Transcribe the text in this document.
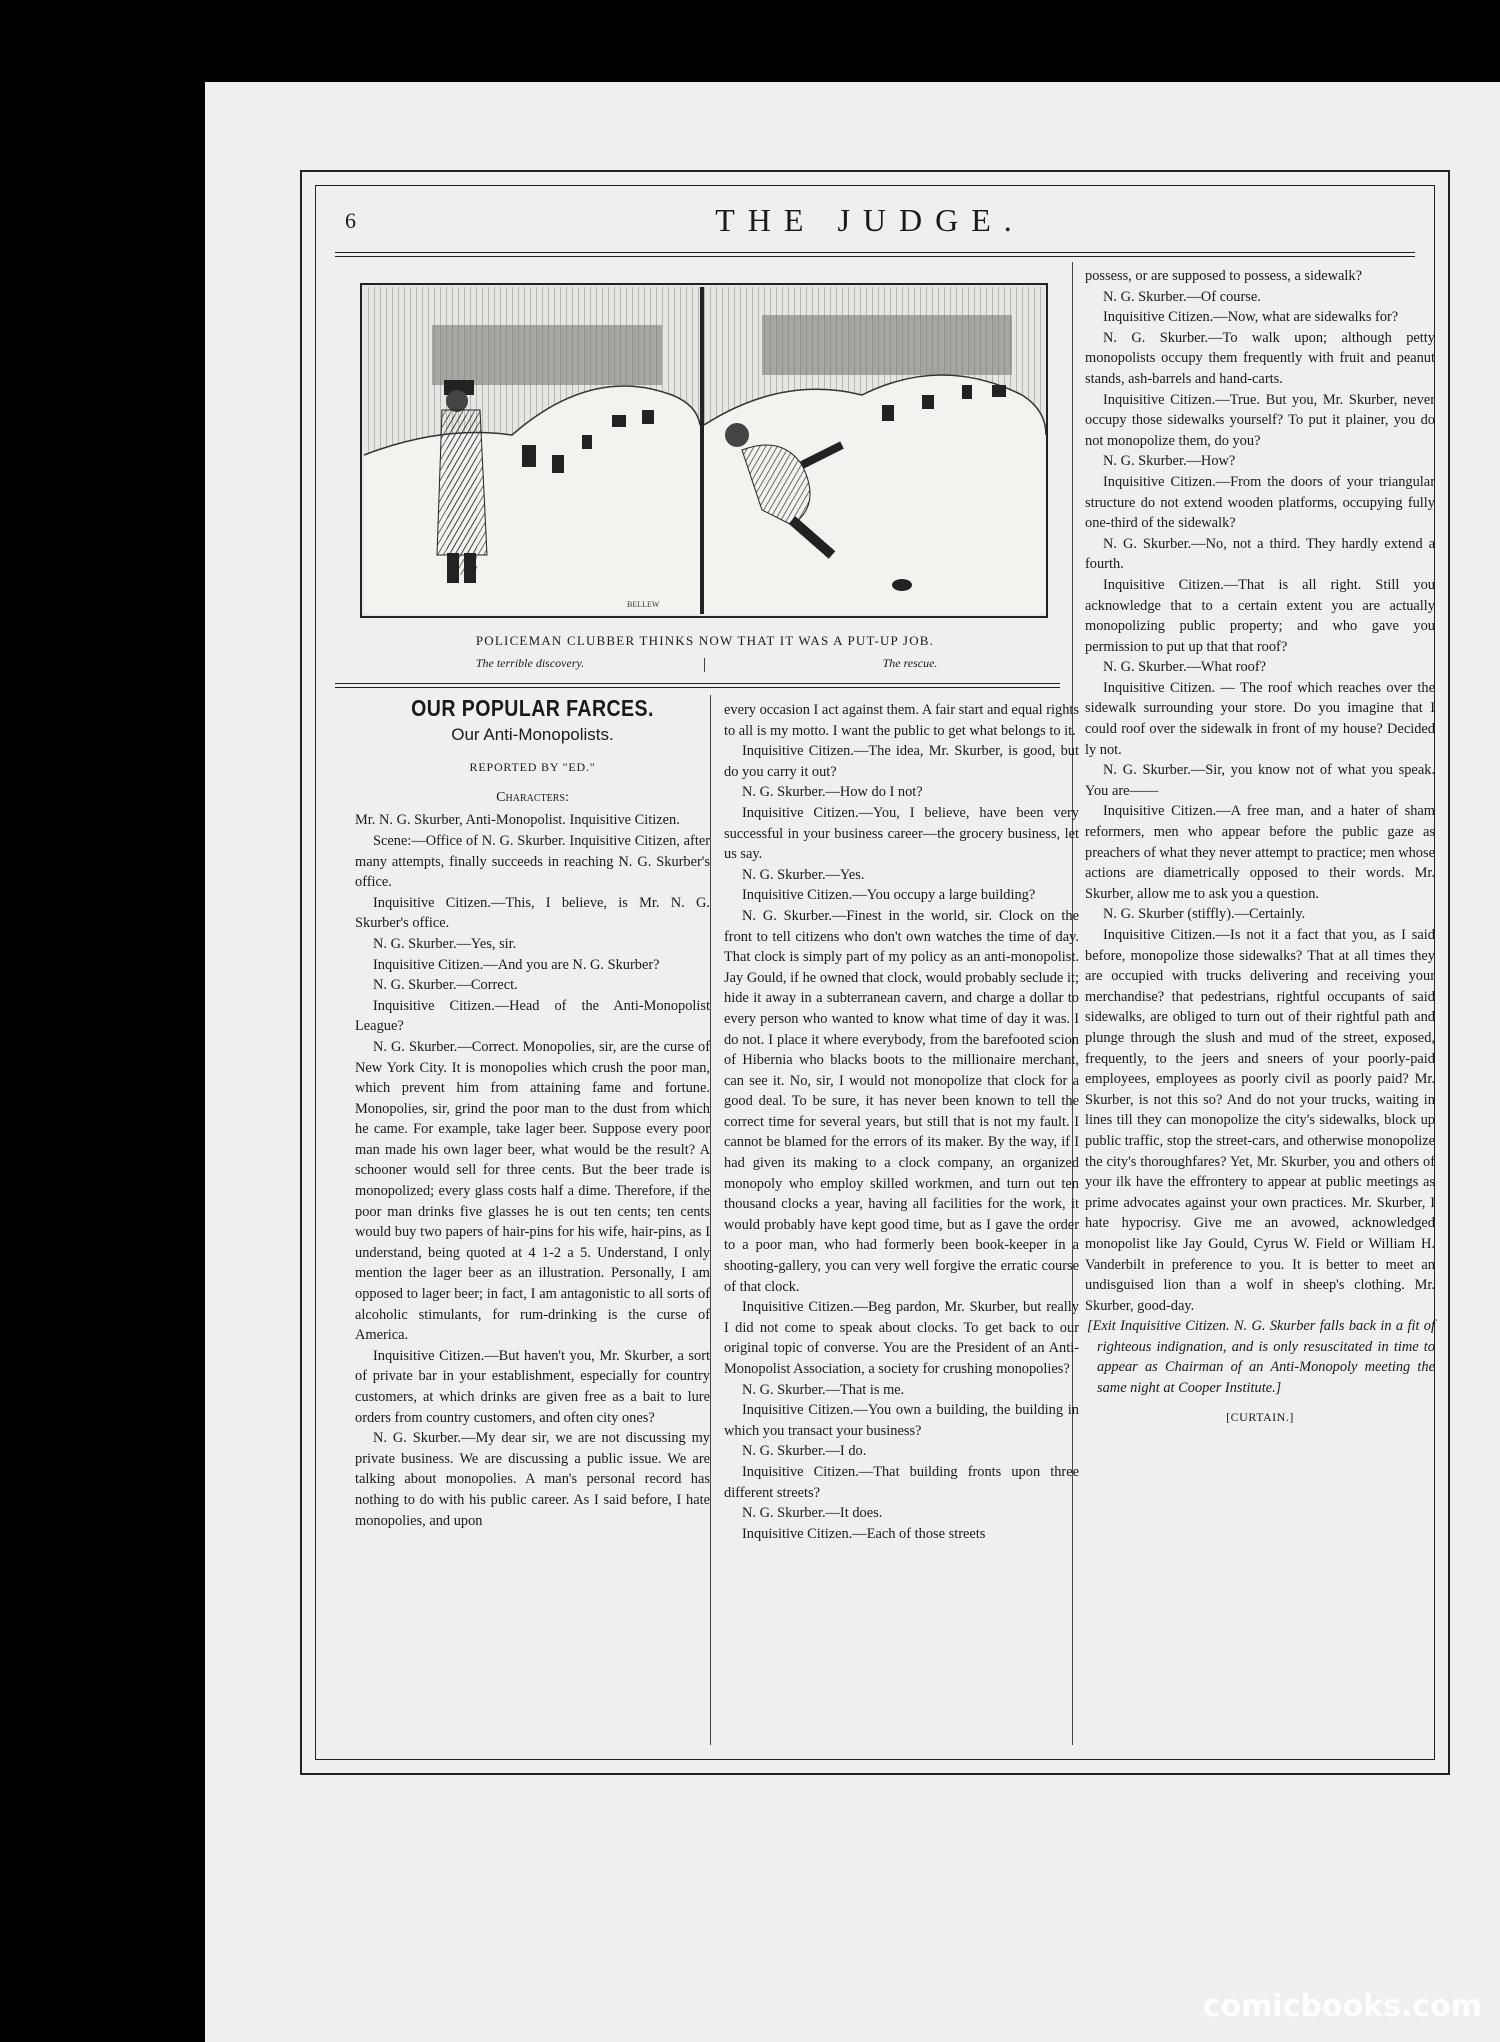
6	THE JUDGE.
BELLEW
POLICEMAN CLUBBER THINKS NOW THAT IT WAS A PUT-UP JOB.
The terrible discovery.	The rescue.
OUR POPULAR FARCES.
Our Anti-Monopolists.
REPORTED BY "ED."
Characters:

Mr. N. G. Skurber, Anti-Monopolist. Inquisitive Citizen.

Scene:—Office of N. G. Skurber. Inquisitive Citizen, after many attempts, finally succeeds in reaching N. G. Skurber's office.

Inquisitive Citizen.—This, I believe, is Mr. N. G. Skurber's office.

N. G. Skurber.—Yes, sir.

Inquisitive Citizen.—And you are N. G. Skurber?

N. G. Skurber.—Correct.

Inquisitive Citizen.—Head of the Anti-Monopolist League?

N. G. Skurber.—Correct. Monopolies, sir, are the curse of New York City. It is monopolies which crush the poor man, which prevent him from attaining fame and fortune. Monopolies, sir, grind the poor man to the dust from which he came. For example, take lager beer. Suppose every poor man made his own lager beer, what would be the result? A schooner would sell for three cents. But the beer trade is monopolized; every glass costs half a dime. Therefore, if the poor man drinks five glasses he is out ten cents; ten cents would buy two papers of hair-pins for his wife, hair-pins, as I understand, being quoted at 4 1-2 a 5. Understand, I only mention the lager beer as an illustration. Personally, I am opposed to lager beer; in fact, I am antagonistic to all sorts of alcoholic stimulants, for rum-drinking is the curse of America.

Inquisitive Citizen.—But haven't you, Mr. Skurber, a sort of private bar in your establishment, especially for country customers, at which drinks are given free as a bait to lure orders from country customers, and often city ones?

N. G. Skurber.—My dear sir, we are not discussing my private business. We are discussing a public issue. We are talking about monopolies. A man's personal record has nothing to do with his public career. As I said before, I hate monopolies, and upon

every occasion I act against them. A fair start and equal rights to all is my motto. I want the public to get what belongs to it.

Inquisitive Citizen.—The idea, Mr. Skurber, is good, but do you carry it out?

N. G. Skurber.—How do I not?

Inquisitive Citizen.—You, I believe, have been very successful in your business career—the grocery business, let us say.

N. G. Skurber.—Yes.

Inquisitive Citizen.—You occupy a large building?

N. G. Skurber.—Finest in the world, sir. Clock on the front to tell citizens who don't own watches the time of day. That clock is simply part of my policy as an anti-monopolist. Jay Gould, if he owned that clock, would probably seclude it; hide it away in a subterranean cavern, and charge a dollar to every person who wanted to know what time of day it was. I do not. I place it where everybody, from the barefooted scion of Hibernia who blacks boots to the millionaire merchant, can see it. No, sir, I would not monopolize that clock for a good deal. To be sure, it has never been known to tell the correct time for several years, but still that is not my fault. I cannot be blamed for the errors of its maker. By the way, if I had given its making to a clock company, an organized monopoly who employ skilled workmen, and turn out ten thousand clocks a year, having all facilities for the work, it would probably have kept good time, but as I gave the order to a poor man, who had formerly been book-keeper in a shooting-gallery, you can very well forgive the erratic course of that clock.

Inquisitive Citizen.—Beg pardon, Mr. Skurber, but really I did not come to speak about clocks. To get back to our original topic of converse. You are the President of an Anti-Monopolist Association, a society for crushing monopolies?

N. G. Skurber.—That is me.

Inquisitive Citizen.—You own a building, the building in which you transact your business?

N. G. Skurber.—I do.

Inquisitive Citizen.—That building fronts upon three different streets?

N. G. Skurber.—It does.

Inquisitive Citizen.—Each of those streets

possess, or are supposed to possess, a sidewalk?

N. G. Skurber.—Of course.

Inquisitive Citizen.—Now, what are sidewalks for?

N. G. Skurber.—To walk upon; although petty monopolists occupy them frequently with fruit and peanut stands, ash-barrels and hand-carts.

Inquisitive Citizen.—True. But you, Mr. Skurber, never occupy those sidewalks yourself? To put it plainer, you do not monopolize them, do you?

N. G. Skurber.—How?

Inquisitive Citizen.—From the doors of your triangular structure do not extend wooden platforms, occupying fully one-third of the sidewalk?

N. G. Skurber.—No, not a third. They hardly extend a fourth.

Inquisitive Citizen.—That is all right. Still you acknowledge that to a certain extent you are actually monopolizing public property; and who gave you permission to put up that that roof?

N. G. Skurber.—What roof?

Inquisitive Citizen. — The roof which reaches over the sidewalk surrounding your store. Do you imagine that I could roof over the sidewalk in front of my house? Decided ly not.

N. G. Skurber.—Sir, you know not of what you speak. You are——

Inquisitive Citizen.—A free man, and a hater of sham reformers, men who appear before the public gaze as preachers of what they never attempt to practice; men whose actions are diametrically opposed to their words. Mr. Skurber, allow me to ask you a question.

N. G. Skurber (stiffly).—Certainly.

Inquisitive Citizen.—Is not it a fact that you, as I said before, monopolize those sidewalks? That at all times they are occupied with trucks delivering and receiving your merchandise? that pedestrians, rightful occupants of said sidewalks, are obliged to turn out of their rightful path and plunge through the slush and mud of the street, exposed, frequently, to the jeers and sneers of your poorly-paid employees, employees as poorly civil as poorly paid? Mr. Skurber, is not this so? And do not your trucks, waiting in lines till they can monopolize the city's sidewalks, block up public traffic, stop the street-cars, and otherwise monopolize the city's thoroughfares? Yet, Mr. Skurber, you and others of your ilk have the effrontery to appear at public meetings as prime advocates against your own practices. Mr. Skurber, I hate hypocrisy. Give me an avowed, acknowledged monopolist like Jay Gould, Cyrus W. Field or William H. Vanderbilt in preference to you. It is better to meet an undisguised lion than a wolf in sheep's clothing. Mr. Skurber, good-day.

[Exit Inquisitive Citizen. N. G. Skurber falls back in a fit of righteous indignation, and is only resuscitated in time to appear as Chairman of an Anti-Monopoly meeting the same night at Cooper Institute.]

[CURTAIN.]
comicbooks.com
